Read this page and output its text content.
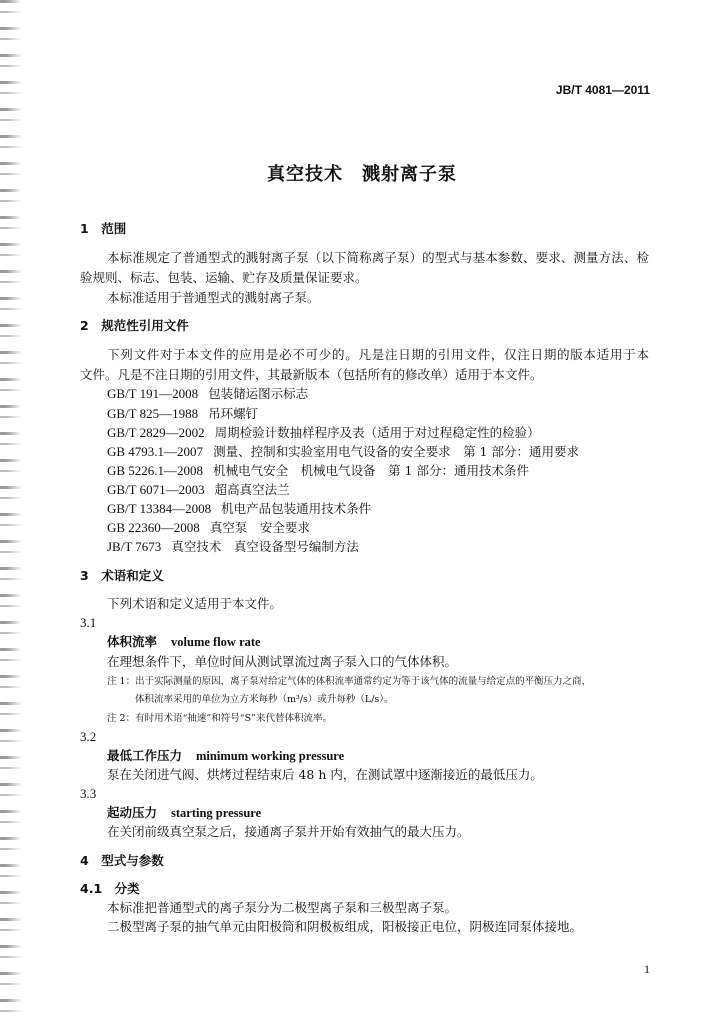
JB/T 4081—2011
真空技术　溅射离子泵
1　范围
本标准规定了普通型式的溅射离子泵（以下简称离子泵）的型式与基本参数、要求、测量方法、检
验规则、标志、包装、运输、贮存及质量保证要求。
本标准适用于普通型式的溅射离子泵。
2　规范性引用文件
下列文件对于本文件的应用是必不可少的。凡是注日期的引用文件，仅注日期的版本适用于本
文件。凡是不注日期的引用文件，其最新版本（包括所有的修改单）适用于本文件。
GB/T 191—2008 包装储运图示标志
GB/T 825—1988 吊环螺钉
GB/T 2829—2002 周期检验计数抽样程序及表（适用于对过程稳定性的检验）
GB 4793.1—2007 测量、控制和实验室用电气设备的安全要求　第 1 部分：通用要求
GB 5226.1—2008 机械电气安全　机械电气设备　第 1 部分：通用技术条件
GB/T 6071—2003 超高真空法兰
GB/T 13384—2008 机电产品包装通用技术条件
GB 22360—2008 真空泵　安全要求
JB/T 7673 真空技术　真空设备型号编制方法
3　术语和定义
下列术语和定义适用于本文件。
3.1
体积流率 volume flow rate
在理想条件下，单位时间从测试罩流过离子泵入口的气体体积。
注 1：出于实际测量的原因，离子泵对给定气体的体积流率通常约定为等于该气体的流量与给定点的平衡压力之商，
体积流率采用的单位为立方米每秒（m³/s）或升每秒（L/s）。
注 2：有时用术语“抽速”和符号“S”来代替体积流率。
3.2
最低工作压力 minimum working pressure
泵在关闭进气阀、烘烤过程结束后 48 h 内，在测试罩中逐渐接近的最低压力。
3.3
起动压力 starting pressure
在关闭前级真空泵之后，接通离子泵并开始有效抽气的最大压力。
4　型式与参数
4.1　分类
本标准把普通型式的离子泵分为二极型离子泵和三极型离子泵。
二极型离子泵的抽气单元由阳极筒和阴极板组成，阳极接正电位，阴极连同泵体接地。
1
